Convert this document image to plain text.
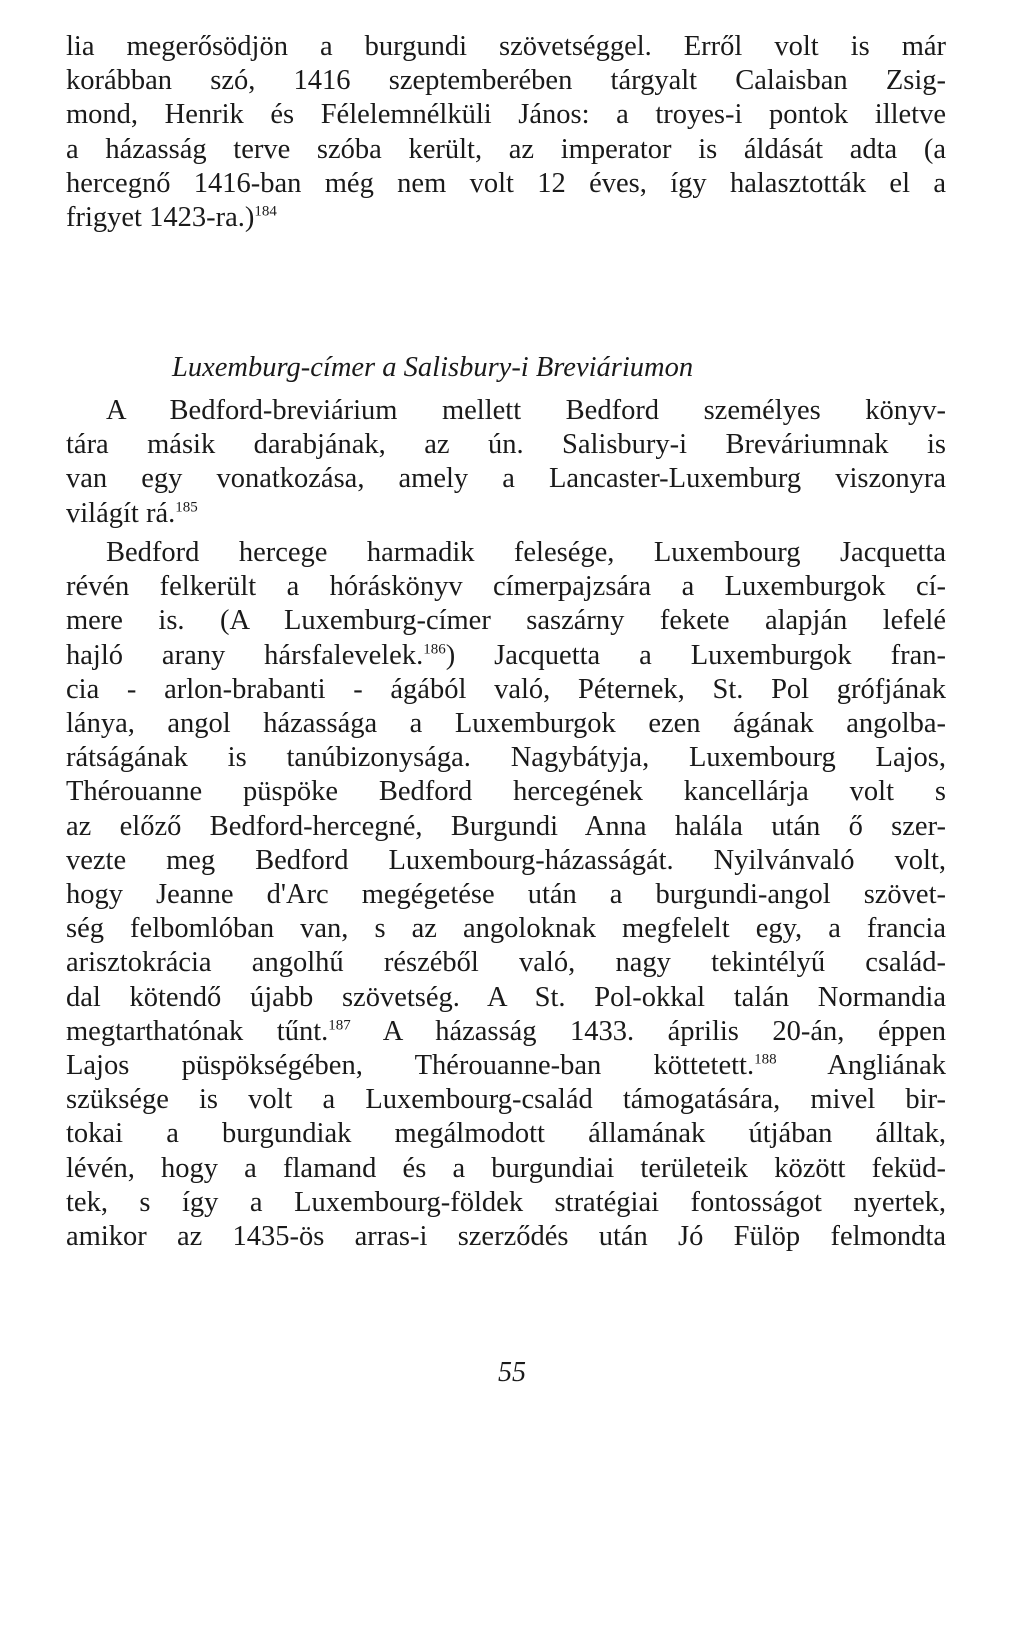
lia megerősödjön a burgundi szövetséggel. Erről volt is már
korábban szó, 1416 szeptemberében tárgyalt Calaisban Zsig-
mond, Henrik és Félelemnélküli János: a troyes-i pontok illetve
a házasság terve szóba került, az imperator is áldását adta (a
hercegnő 1416-ban még nem volt 12 éves, így halasztották el a
frigyet 1423-ra.)$^{184}$

Luxemburg-címer a Salisbury-i Breviáriumon

A Bedford-breviárium mellett Bedford személyes könyv-
tára másik darabjának, az ún. Salisbury-i Breváriumnak is
van egy vonatkozása, amely a Lancaster-Luxemburg viszonyra
világít rá.$^{185}$
Bedford hercege harmadik felesége, Luxembourg Jacquetta
révén felkerült a hóráskönyv címerpajzsára a Luxemburgok cí-
mere is. (A Luxemburg-címer saszárny fekete alapján lefelé
hajló arany hársfalevelek.$^{186}$) Jacquetta a Luxemburgok fran-
cia - arlon-brabanti - ágából való, Péternek, St. Pol grófjának
lánya, angol házassága a Luxemburgok ezen ágának angolba-
rátságának is tanúbizonysága. Nagybátyja, Luxembourg Lajos,
Thérouanne püspöke Bedford hercegének kancellárja volt s
az előző Bedford-hercegné, Burgundi Anna halála után ő szer-
vezte meg Bedford Luxembourg-házasságát. Nyilvánvaló volt,
hogy Jeanne d'Arc megégetése után a burgundi-angol szövet-
ség felbomlóban van, s az angoloknak megfelelt egy, a francia
arisztokrácia angolhű részéből való, nagy tekintélyű család-
dal kötendő újabb szövetség. A St. Pol-okkal talán Normandia
megtarthatónak tűnt.$^{187}$ A házasság 1433. április 20-án, éppen
Lajos püspökségében, Thérouanne-ban köttetett.$^{188}$ Angliának
szüksége is volt a Luxembourg-család támogatására, mivel bir-
tokai a burgundiak megálmodott államának útjában álltak,
lévén, hogy a flamand és a burgundiai területeik között feküd-
tek, s így a Luxembourg-földek stratégiai fontosságot nyertek,
amikor az 1435-ös arras-i szerződés után Jó Fülöp felmondta

55
